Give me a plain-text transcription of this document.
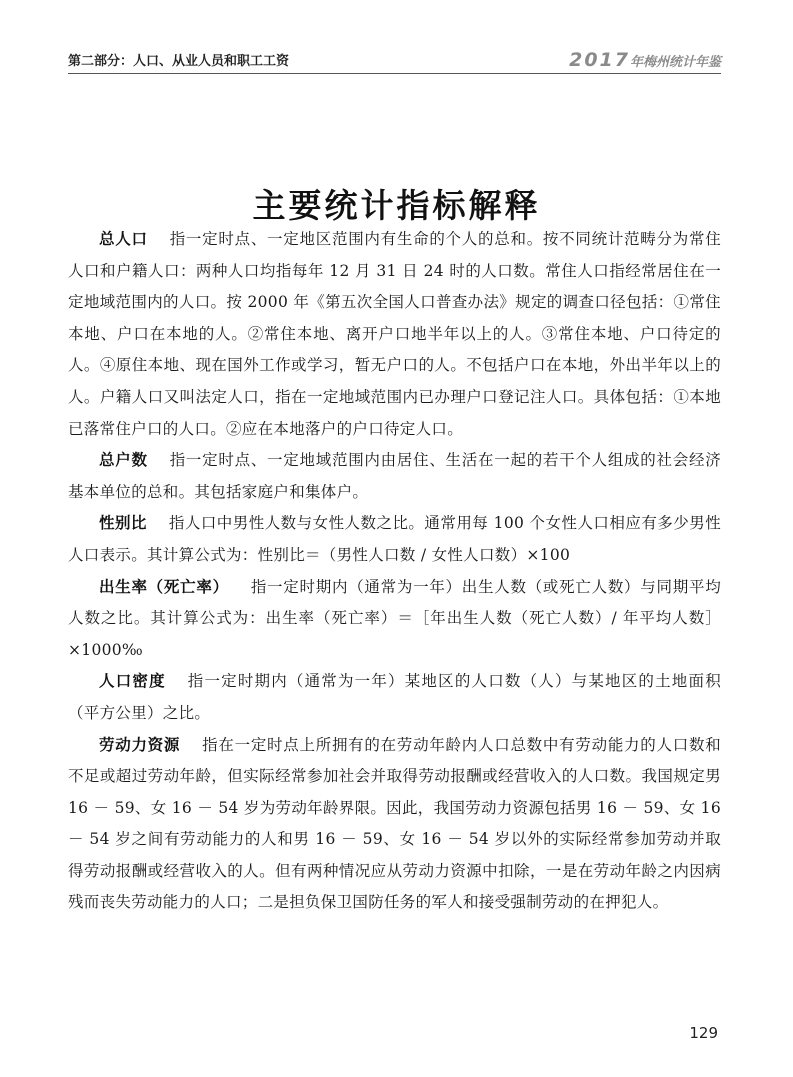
第二部分：人口、从业人员和职工工资	2017年梅州统计年鉴
主要统计指标解释

总人口 指一定时点、一定地区范围内有生命的个人的总和。按不同统计范畴分为常住人口和户籍人口：两种人口均指每年 12 月 31 日 24 时的人口数。常住人口指经常居住在一定地域范围内的人口。按 2000 年《第五次全国人口普查办法》规定的调查口径包括：①常住本地、户口在本地的人。②常住本地、离开户口地半年以上的人。③常住本地、户口待定的人。④原住本地、现在国外工作或学习，暂无户口的人。不包括户口在本地，外出半年以上的人。户籍人口又叫法定人口，指在一定地域范围内已办理户口登记注人口。具体包括：①本地已落常住户口的人口。②应在本地落户的户口待定人口。

总户数 指一定时点、一定地域范围内由居住、生活在一起的若干个人组成的社会经济基本单位的总和。其包括家庭户和集体户。

性别比 指人口中男性人数与女性人数之比。通常用每 100 个女性人口相应有多少男性人口表示。其计算公式为：性别比＝（男性人口数 / 女性人口数）×100

出生率（死亡率） 指一定时期内（通常为一年）出生人数（或死亡人数）与同期平均人数之比。其计算公式为：出生率（死亡率）＝［年出生人数（死亡人数）/ 年平均人数］×1000‰

人口密度 指一定时期内（通常为一年）某地区的人口数（人）与某地区的土地面积（平方公里）之比。

劳动力资源 指在一定时点上所拥有的在劳动年龄内人口总数中有劳动能力的人口数和不足或超过劳动年龄，但实际经常参加社会并取得劳动报酬或经营收入的人口数。我国规定男 16 － 59、女 16 － 54 岁为劳动年龄界限。因此，我国劳动力资源包括男 16 － 59、女 16 － 54 岁之间有劳动能力的人和男 16 － 59、女 16 － 54 岁以外的实际经常参加劳动并取得劳动报酬或经营收入的人。但有两种情况应从劳动力资源中扣除，一是在劳动年龄之内因病残而丧失劳动能力的人口；二是担负保卫国防任务的军人和接受强制劳动的在押犯人。

129
